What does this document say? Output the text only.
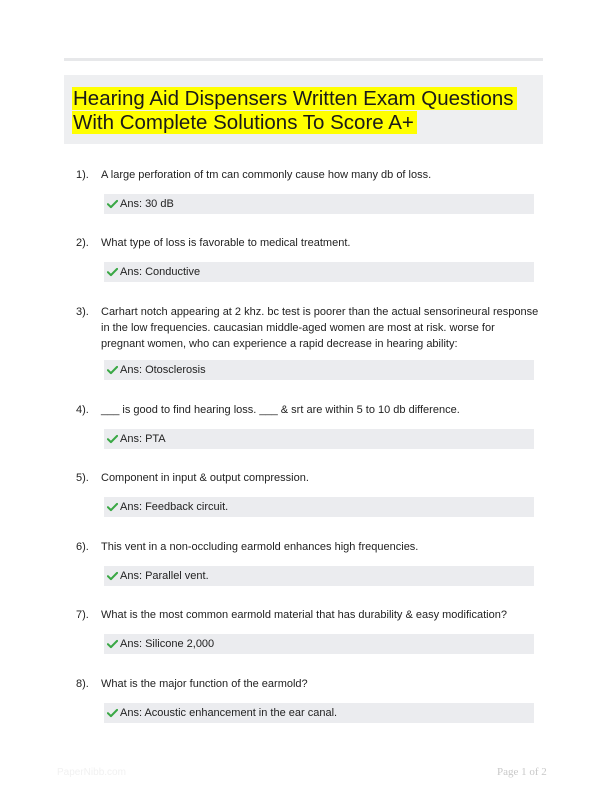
Hearing Aid Dispensers Written Exam Questions
With Complete Solutions To Score A+
1). A large perforation of tm can commonly cause how many db of loss.
Ans: 30 dB
2). What type of loss is favorable to medical treatment.
Ans: Conductive
3). Carhart notch appearing at 2 khz. bc test is poorer than the actual sensorineural response in the low frequencies. caucasian middle-aged women are most at risk. worse for pregnant women, who can experience a rapid decrease in hearing ability:
Ans: Otosclerosis
4). ___ is good to find hearing loss. ___ & srt are within 5 to 10 db difference.
Ans: PTA
5). Component in input & output compression.
Ans: Feedback circuit.
6). This vent in a non-occluding earmold enhances high frequencies.
Ans: Parallel vent.
7). What is the most common earmold material that has durability & easy modification?
Ans: Silicone 2,000
8). What is the major function of the earmold?
Ans: Acoustic enhancement in the ear canal.
PaperNibb.com	Page 1 of 2
